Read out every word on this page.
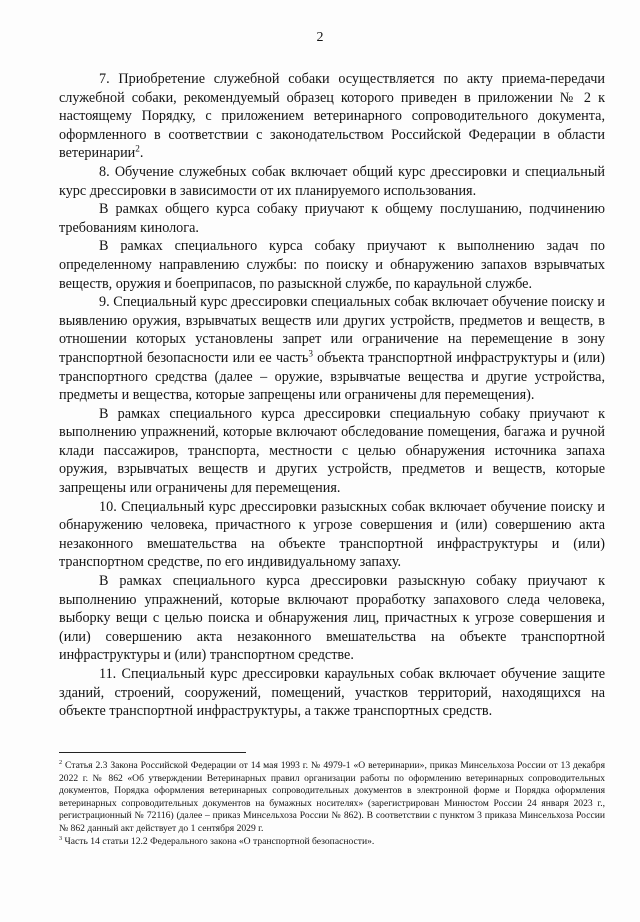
2

7. Приобретение служебной собаки осуществляется по акту приема-передачи служебной собаки, рекомендуемый образец которого приведен в приложении № 2 к настоящему Порядку, с приложением ветеринарного сопроводительного документа, оформленного в соответствии с законодательством Российской Федерации в области ветеринарии$^2$.

8. Обучение служебных собак включает общий курс дрессировки и специальный курс дрессировки в зависимости от их планируемого использования.

В рамках общего курса собаку приучают к общему послушанию, подчинению требованиям кинолога.

В рамках специального курса собаку приучают к выполнению задач по определенному направлению службы: по поиску и обнаружению запахов взрывчатых веществ, оружия и боеприпасов, по разыскной службе, по караульной службе.

9. Специальный курс дрессировки специальных собак включает обучение поиску и выявлению оружия, взрывчатых веществ или других устройств, предметов и веществ, в отношении которых установлены запрет или ограничение на перемещение в зону транспортной безопасности или ее часть$^3$ объекта транспортной инфраструктуры и (или) транспортного средства (далее – оружие, взрывчатые вещества и другие устройства, предметы и вещества, которые запрещены или ограничены для перемещения).

В рамках специального курса дрессировки специальную собаку приучают к выполнению упражнений, которые включают обследование помещения, багажа и ручной клади пассажиров, транспорта, местности с целью обнаружения источника запаха оружия, взрывчатых веществ и других устройств, предметов и веществ, которые запрещены или ограничены для перемещения.

10. Специальный курс дрессировки разыскных собак включает обучение поиску и обнаружению человека, причастного к угрозе совершения и (или) совершению акта незаконного вмешательства на объекте транспортной инфраструктуры и (или) транспортном средстве, по его индивидуальному запаху.

В рамках специального курса дрессировки разыскную собаку приучают к выполнению упражнений, которые включают проработку запахового следа человека, выборку вещи с целью поиска и обнаружения лиц, причастных к угрозе совершения и (или) совершению акта незаконного вмешательства на объекте транспортной инфраструктуры и (или) транспортном средстве.

11. Специальный курс дрессировки караульных собак включает обучение защите зданий, строений, сооружений, помещений, участков территорий, находящихся на объекте транспортной инфраструктуры, а также транспортных средств.

$^2$ Статья 2.3 Закона Российской Федерации от 14 мая 1993 г. № 4979-1 «О ветеринарии», приказ Минсельхоза России от 13 декабря 2022 г. № 862 «Об утверждении Ветеринарных правил организации работы по оформлению ветеринарных сопроводительных документов, Порядка оформления ветеринарных сопроводительных документов в электронной форме и Порядка оформления ветеринарных сопроводительных документов на бумажных носителях» (зарегистрирован Минюстом России 24 января 2023 г., регистрационный № 72116) (далее – приказ Минсельхоза России № 862). В соответствии с пунктом 3 приказа Минсельхоза России № 862 данный акт действует до 1 сентября 2029 г.

$^3$ Часть 14 статьи 12.2 Федерального закона «О транспортной безопасности».
